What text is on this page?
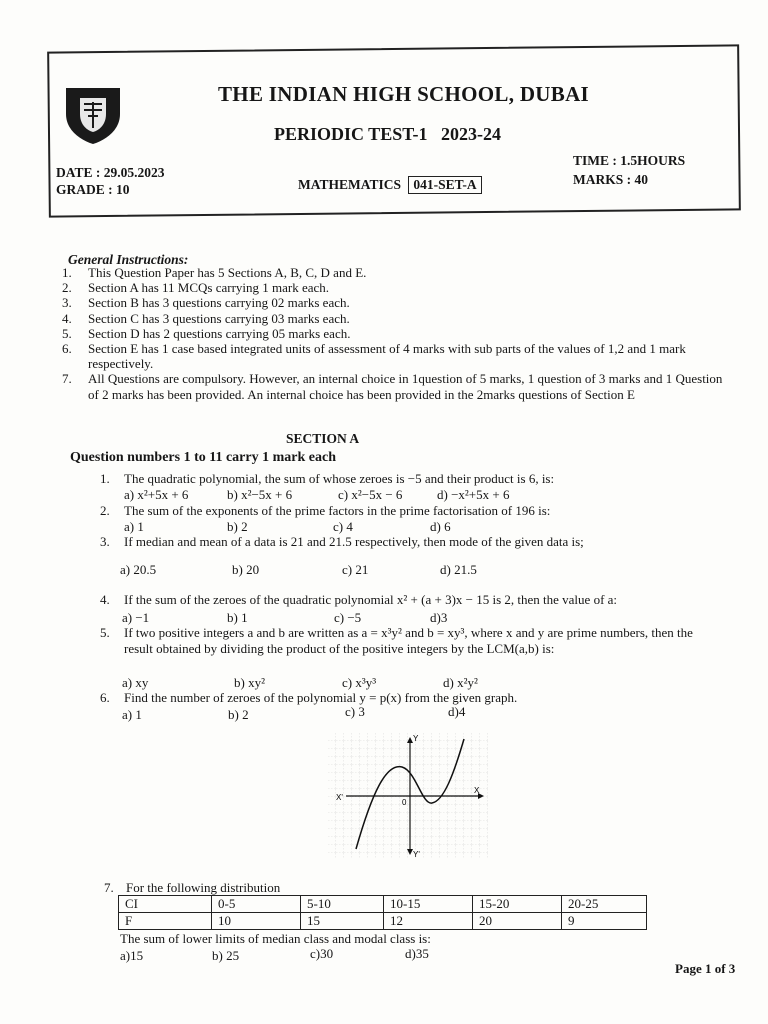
THE INDIAN HIGH SCHOOL, DUBAI
PERIODIC TEST-1   2023-24
DATE : 29.05.2023
GRADE : 10	MATHEMATICS 041-SET-A
TIME : 1.5HOURS
MARKS : 40
General Instructions:
1.	This Question Paper has 5 Sections A, B, C, D and E.
2.	Section A has 11 MCQs carrying 1 mark each.
3.	Section B has 3 questions carrying 02 marks each.
4.	Section C has 3 questions carrying 03 marks each.
5.	Section D has 2 questions carrying 05 marks each.
6.	Section E has 1 case based integrated units of assessment of 4 marks with sub parts of the values of 1,2 and 1 mark respectively.
7.	All Questions are compulsory. However, an internal choice in 1question of 5 marks, 1 question of 3 marks and 1 Question of 2 marks has been provided. An internal choice has been provided in the 2marks questions of Section E
SECTION A
Question numbers 1 to 11 carry 1 mark each
1. The quadratic polynomial, the sum of whose zeroes is −5 and their product is 6, is:
a) x²+5x + 6	b) x²−5x + 6	c) x²−5x − 6	d) −x²+5x + 6
2. The sum of the exponents of the prime factors in the prime factorisation of 196 is:
a) 1	b) 2	c) 4	d) 6
3. If median and mean of a data is 21 and 21.5 respectively, then mode of the given data is;
a) 20.5	b) 20	c) 21	d) 21.5
4. If the sum of the zeroes of the quadratic polynomial x² + (a + 3)x − 15 is 2, then the value of a:
a) −1	b) 1	c) −5	d)3
5. If two positive integers a and b are written as a = x³y² and b = xy³, where x and y are prime numbers, then the result obtained by dividing the product of the positive integers by the LCM(a,b) is:
a) xy	b) xy²	c) x³y³	d) x²y²
6. Find the number of zeroes of the polynomial y = p(x) from the given graph.
a) 1	b) 2	c) 3	d)4
X'
X
Y
Y'
0
7. For the following distribution
CI	0-5	5-10	10-15	15-20	20-25
F	10	15	12	20	9
The sum of lower limits of median class and modal class is:
a)15	b) 25	c)30	d)35
Page 1 of 3
